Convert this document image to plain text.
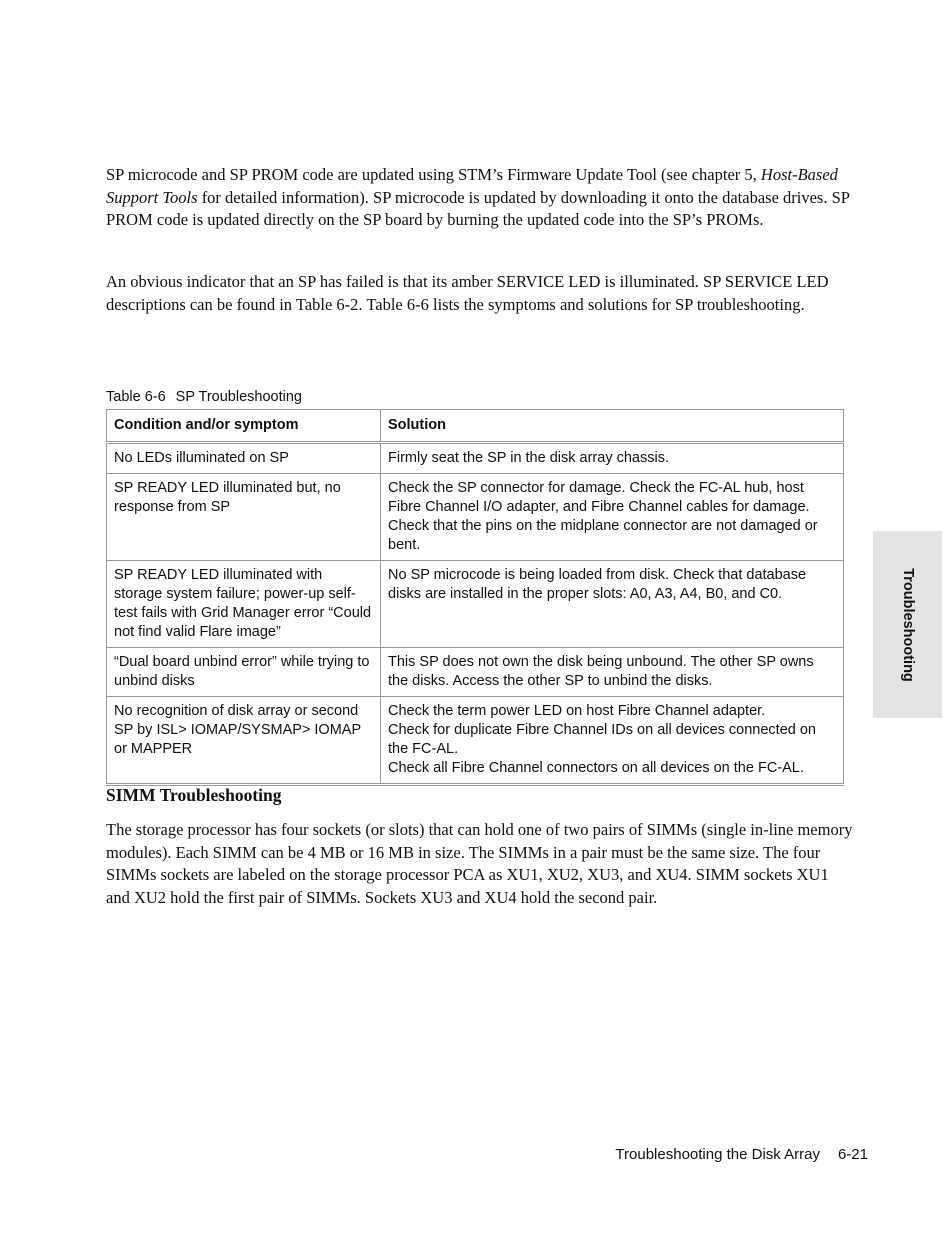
SP microcode and SP PROM code are updated using STM’s Firmware Update Tool (see chapter 5, Host-Based Support Tools for detailed information). SP microcode is updated by downloading it onto the database drives. SP PROM code is updated directly on the SP board by burning the updated code into the SP’s PROMs.

An obvious indicator that an SP has failed is that its amber SERVICE LED is illuminated. SP SERVICE LED descriptions can be found in Table 6-2. Table 6-6 lists the symptoms and solutions for SP troubleshooting.

Table 6-6 SP Troubleshooting
Condition and/or symptom	Solution
No LEDs illuminated on SP	Firmly seat the SP in the disk array chassis.

SP READY LED illuminated but, no response from SP	Check the SP connector for damage. Check the FC-AL hub, host Fibre Channel I/O adapter, and Fibre Channel cables for damage. Check that the pins on the midplane connector are not damaged or bent.

SP READY LED illuminated with storage system failure; power-up self-test fails with Grid Manager error “Could not find valid Flare image”	No SP microcode is being loaded from disk. Check that database disks are installed in the proper slots: A0, A3, A4, B0, and C0.

“Dual board unbind error” while trying to unbind disks	This SP does not own the disk being unbound. The other SP owns the disks. Access the other SP to unbind the disks.

No recognition of disk array or second SP by ISL> IOMAP/SYSMAP> IOMAP or MAPPER	Check the term power LED on host Fibre Channel adapter.
Check for duplicate Fibre Channel IDs on all devices connected on the FC-AL.
Check all Fibre Channel connectors on all devices on the FC-AL.
SIMM Troubleshooting

The storage processor has four sockets (or slots) that can hold one of two pairs of SIMMs (single in-line memory modules). Each SIMM can be 4 MB or 16 MB in size. The SIMMs in a pair must be the same size. The four SIMMs sockets are labeled on the storage processor PCA as XU1, XU2, XU3, and XU4. SIMM sockets XU1 and XU2 hold the first pair of SIMMs. Sockets XU3 and XU4 hold the second pair.

Troubleshooting
Troubleshooting the Disk Array 6-21
